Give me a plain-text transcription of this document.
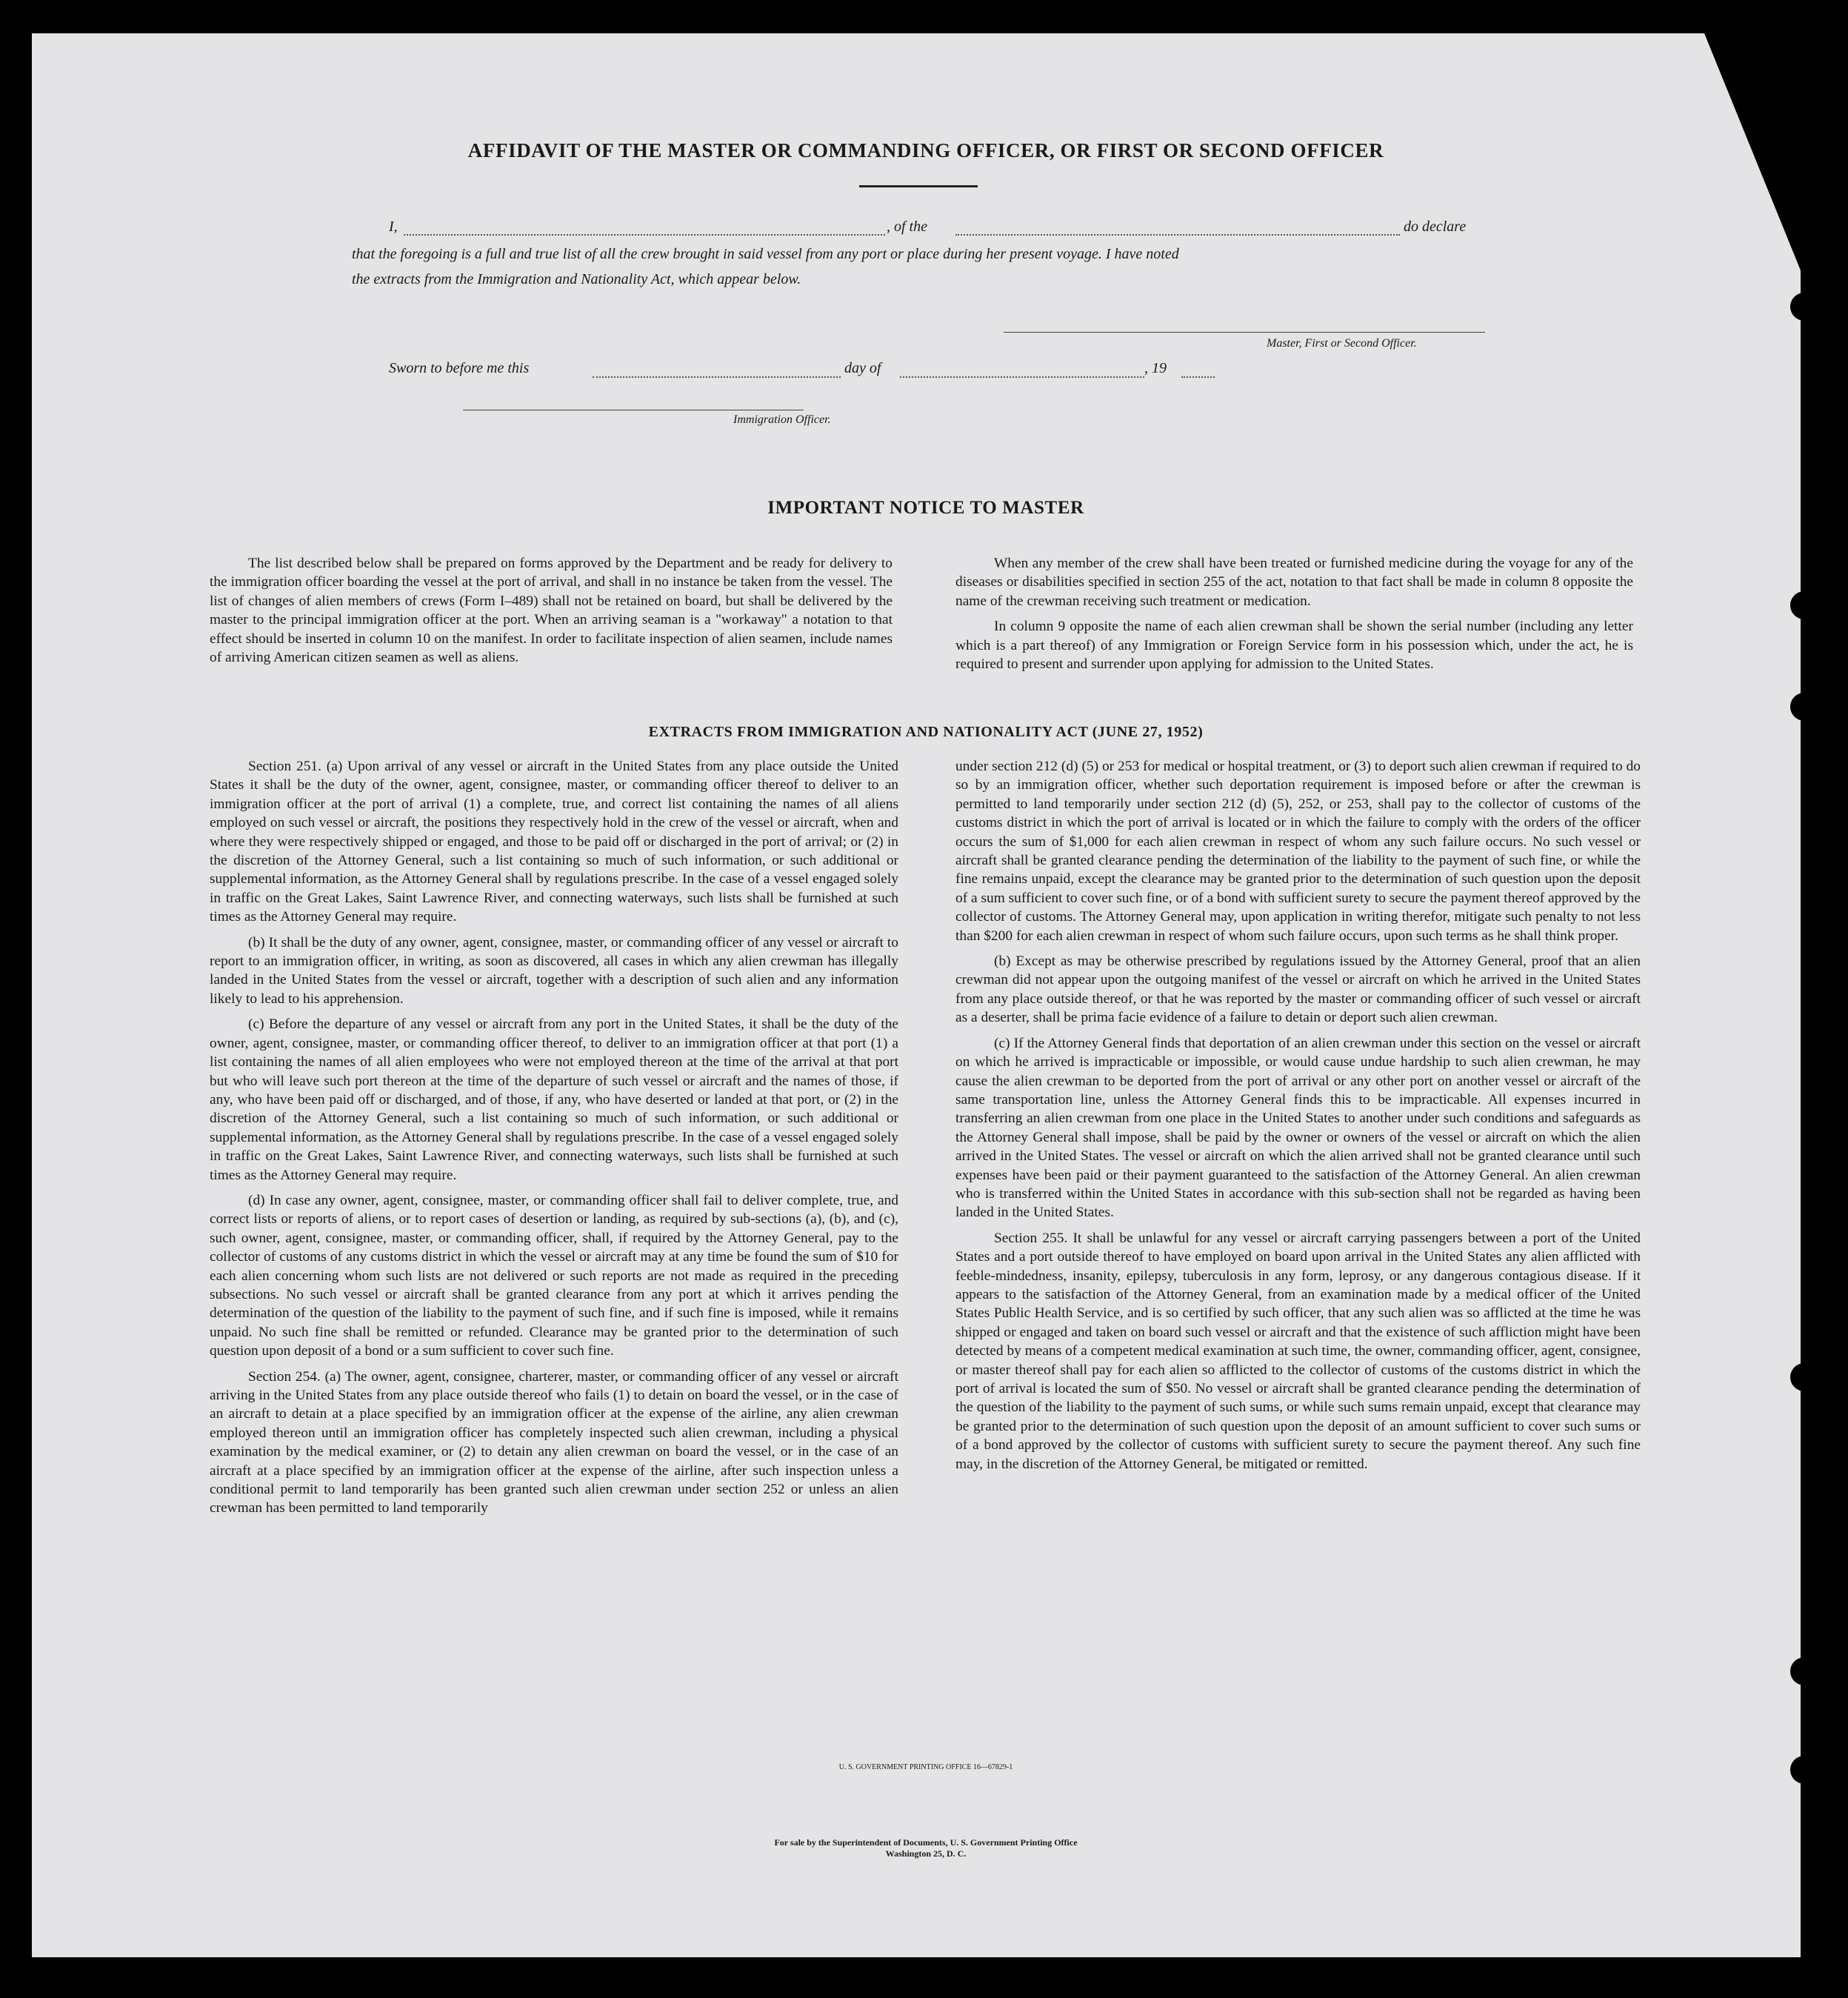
AFFIDAVIT OF THE MASTER OR COMMANDING OFFICER, OR FIRST OR SECOND OFFICER
I,	, of the	do declare
that the foregoing is a full and true list of all the crew brought in said vessel from any port or place during her present voyage. I have noted
the extracts from the Immigration and Nationality Act, which appear below.
Master, First or Second Officer.
Sworn to before me this	day of	, 19
Immigration Officer.
IMPORTANT NOTICE TO MASTER

The list described below shall be prepared on forms approved by the Department and be ready for delivery to the immigration officer boarding the vessel at the port of arrival, and shall in no instance be taken from the vessel. The list of changes of alien members of crews (Form I–489) shall not be retained on board, but shall be delivered by the master to the principal immigration officer at the port. When an arriving seaman is a "workaway" a notation to that effect should be inserted in column 10 on the manifest. In order to facilitate inspection of alien seamen, include names of arriving American citizen seamen as well as aliens.

When any member of the crew shall have been treated or furnished medicine during the voyage for any of the diseases or disabilities specified in section 255 of the act, notation to that fact shall be made in column 8 opposite the name of the crewman receiving such treatment or medication.

In column 9 opposite the name of each alien crewman shall be shown the serial number (including any letter which is a part thereof) of any Immigration or Foreign Service form in his possession which, under the act, he is required to present and surrender upon applying for admission to the United States.

EXTRACTS FROM IMMIGRATION AND NATIONALITY ACT (JUNE 27, 1952)

Section 251. (a) Upon arrival of any vessel or aircraft in the United States from any place outside the United States it shall be the duty of the owner, agent, consignee, master, or commanding officer thereof to deliver to an immigration officer at the port of arrival (1) a complete, true, and correct list containing the names of all aliens employed on such vessel or aircraft, the positions they respectively hold in the crew of the vessel or aircraft, when and where they were respectively shipped or engaged, and those to be paid off or discharged in the port of arrival; or (2) in the discretion of the Attorney General, such a list containing so much of such information, or such additional or supplemental information, as the Attorney General shall by regulations prescribe. In the case of a vessel engaged solely in traffic on the Great Lakes, Saint Lawrence River, and connecting waterways, such lists shall be furnished at such times as the Attorney General may require.

(b) It shall be the duty of any owner, agent, consignee, master, or commanding officer of any vessel or aircraft to report to an immigration officer, in writing, as soon as discovered, all cases in which any alien crewman has illegally landed in the United States from the vessel or aircraft, together with a description of such alien and any information likely to lead to his apprehension.

(c) Before the departure of any vessel or aircraft from any port in the United States, it shall be the duty of the owner, agent, consignee, master, or commanding officer thereof, to deliver to an immigration officer at that port (1) a list containing the names of all alien employees who were not employed thereon at the time of the arrival at that port but who will leave such port thereon at the time of the departure of such vessel or aircraft and the names of those, if any, who have been paid off or discharged, and of those, if any, who have deserted or landed at that port, or (2) in the discretion of the Attorney General, such a list containing so much of such information, or such additional or supplemental information, as the Attorney General shall by regulations prescribe. In the case of a vessel engaged solely in traffic on the Great Lakes, Saint Lawrence River, and connecting waterways, such lists shall be furnished at such times as the Attorney General may require.

(d) In case any owner, agent, consignee, master, or commanding officer shall fail to deliver complete, true, and correct lists or reports of aliens, or to report cases of desertion or landing, as required by sub-sections (a), (b), and (c), such owner, agent, consignee, master, or commanding officer, shall, if required by the Attorney General, pay to the collector of customs of any customs district in which the vessel or aircraft may at any time be found the sum of $10 for each alien concerning whom such lists are not delivered or such reports are not made as required in the preceding subsections. No such vessel or aircraft shall be granted clearance from any port at which it arrives pending the determination of the question of the liability to the payment of such fine, and if such fine is imposed, while it remains unpaid. No such fine shall be remitted or refunded. Clearance may be granted prior to the determination of such question upon deposit of a bond or a sum sufficient to cover such fine.

Section 254. (a) The owner, agent, consignee, charterer, master, or commanding officer of any vessel or aircraft arriving in the United States from any place outside thereof who fails (1) to detain on board the vessel, or in the case of an aircraft to detain at a place specified by an immigration officer at the expense of the airline, any alien crewman employed thereon until an immigration officer has completely inspected such alien crewman, including a physical examination by the medical examiner, or (2) to detain any alien crewman on board the vessel, or in the case of an aircraft at a place specified by an immigration officer at the expense of the airline, after such inspection unless a conditional permit to land temporarily has been granted such alien crewman under section 252 or unless an alien crewman has been permitted to land temporarily

under section 212 (d) (5) or 253 for medical or hospital treatment, or (3) to deport such alien crewman if required to do so by an immigration officer, whether such deportation requirement is imposed before or after the crewman is permitted to land temporarily under section 212 (d) (5), 252, or 253, shall pay to the collector of customs of the customs district in which the port of arrival is located or in which the failure to comply with the orders of the officer occurs the sum of $1,000 for each alien crewman in respect of whom any such failure occurs. No such vessel or aircraft shall be granted clearance pending the determination of the liability to the payment of such fine, or while the fine remains unpaid, except the clearance may be granted prior to the determination of such question upon the deposit of a sum sufficient to cover such fine, or of a bond with sufficient surety to secure the payment thereof approved by the collector of customs. The Attorney General may, upon application in writing therefor, mitigate such penalty to not less than $200 for each alien crewman in respect of whom such failure occurs, upon such terms as he shall think proper.

(b) Except as may be otherwise prescribed by regulations issued by the Attorney General, proof that an alien crewman did not appear upon the outgoing manifest of the vessel or aircraft on which he arrived in the United States from any place outside thereof, or that he was reported by the master or commanding officer of such vessel or aircraft as a deserter, shall be prima facie evidence of a failure to detain or deport such alien crewman.

(c) If the Attorney General finds that deportation of an alien crewman under this section on the vessel or aircraft on which he arrived is impracticable or impossible, or would cause undue hardship to such alien crewman, he may cause the alien crewman to be deported from the port of arrival or any other port on another vessel or aircraft of the same transportation line, unless the Attorney General finds this to be impracticable. All expenses incurred in transferring an alien crewman from one place in the United States to another under such conditions and safeguards as the Attorney General shall impose, shall be paid by the owner or owners of the vessel or aircraft on which the alien arrived in the United States. The vessel or aircraft on which the alien arrived shall not be granted clearance until such expenses have been paid or their payment guaranteed to the satisfaction of the Attorney General. An alien crewman who is transferred within the United States in accordance with this sub-section shall not be regarded as having been landed in the United States.

Section 255. It shall be unlawful for any vessel or aircraft carrying passengers between a port of the United States and a port outside thereof to have employed on board upon arrival in the United States any alien afflicted with feeble-mindedness, insanity, epilepsy, tuberculosis in any form, leprosy, or any dangerous contagious disease. If it appears to the satisfaction of the Attorney General, from an examination made by a medical officer of the United States Public Health Service, and is so certified by such officer, that any such alien was so afflicted at the time he was shipped or engaged and taken on board such vessel or aircraft and that the existence of such affliction might have been detected by means of a competent medical examination at such time, the owner, commanding officer, agent, consignee, or master thereof shall pay for each alien so afflicted to the collector of customs of the customs district in which the port of arrival is located the sum of $50. No vessel or aircraft shall be granted clearance pending the determination of the question of the liability to the payment of such sums, or while such sums remain unpaid, except that clearance may be granted prior to the determination of such question upon the deposit of an amount sufficient to cover such sums or of a bond approved by the collector of customs with sufficient surety to secure the payment thereof. Any such fine may, in the discretion of the Attorney General, be mitigated or remitted.

U. S. GOVERNMENT PRINTING OFFICE 16—67829-1
For sale by the Superintendent of Documents, U. S. Government Printing Office
Washington 25, D. C.
